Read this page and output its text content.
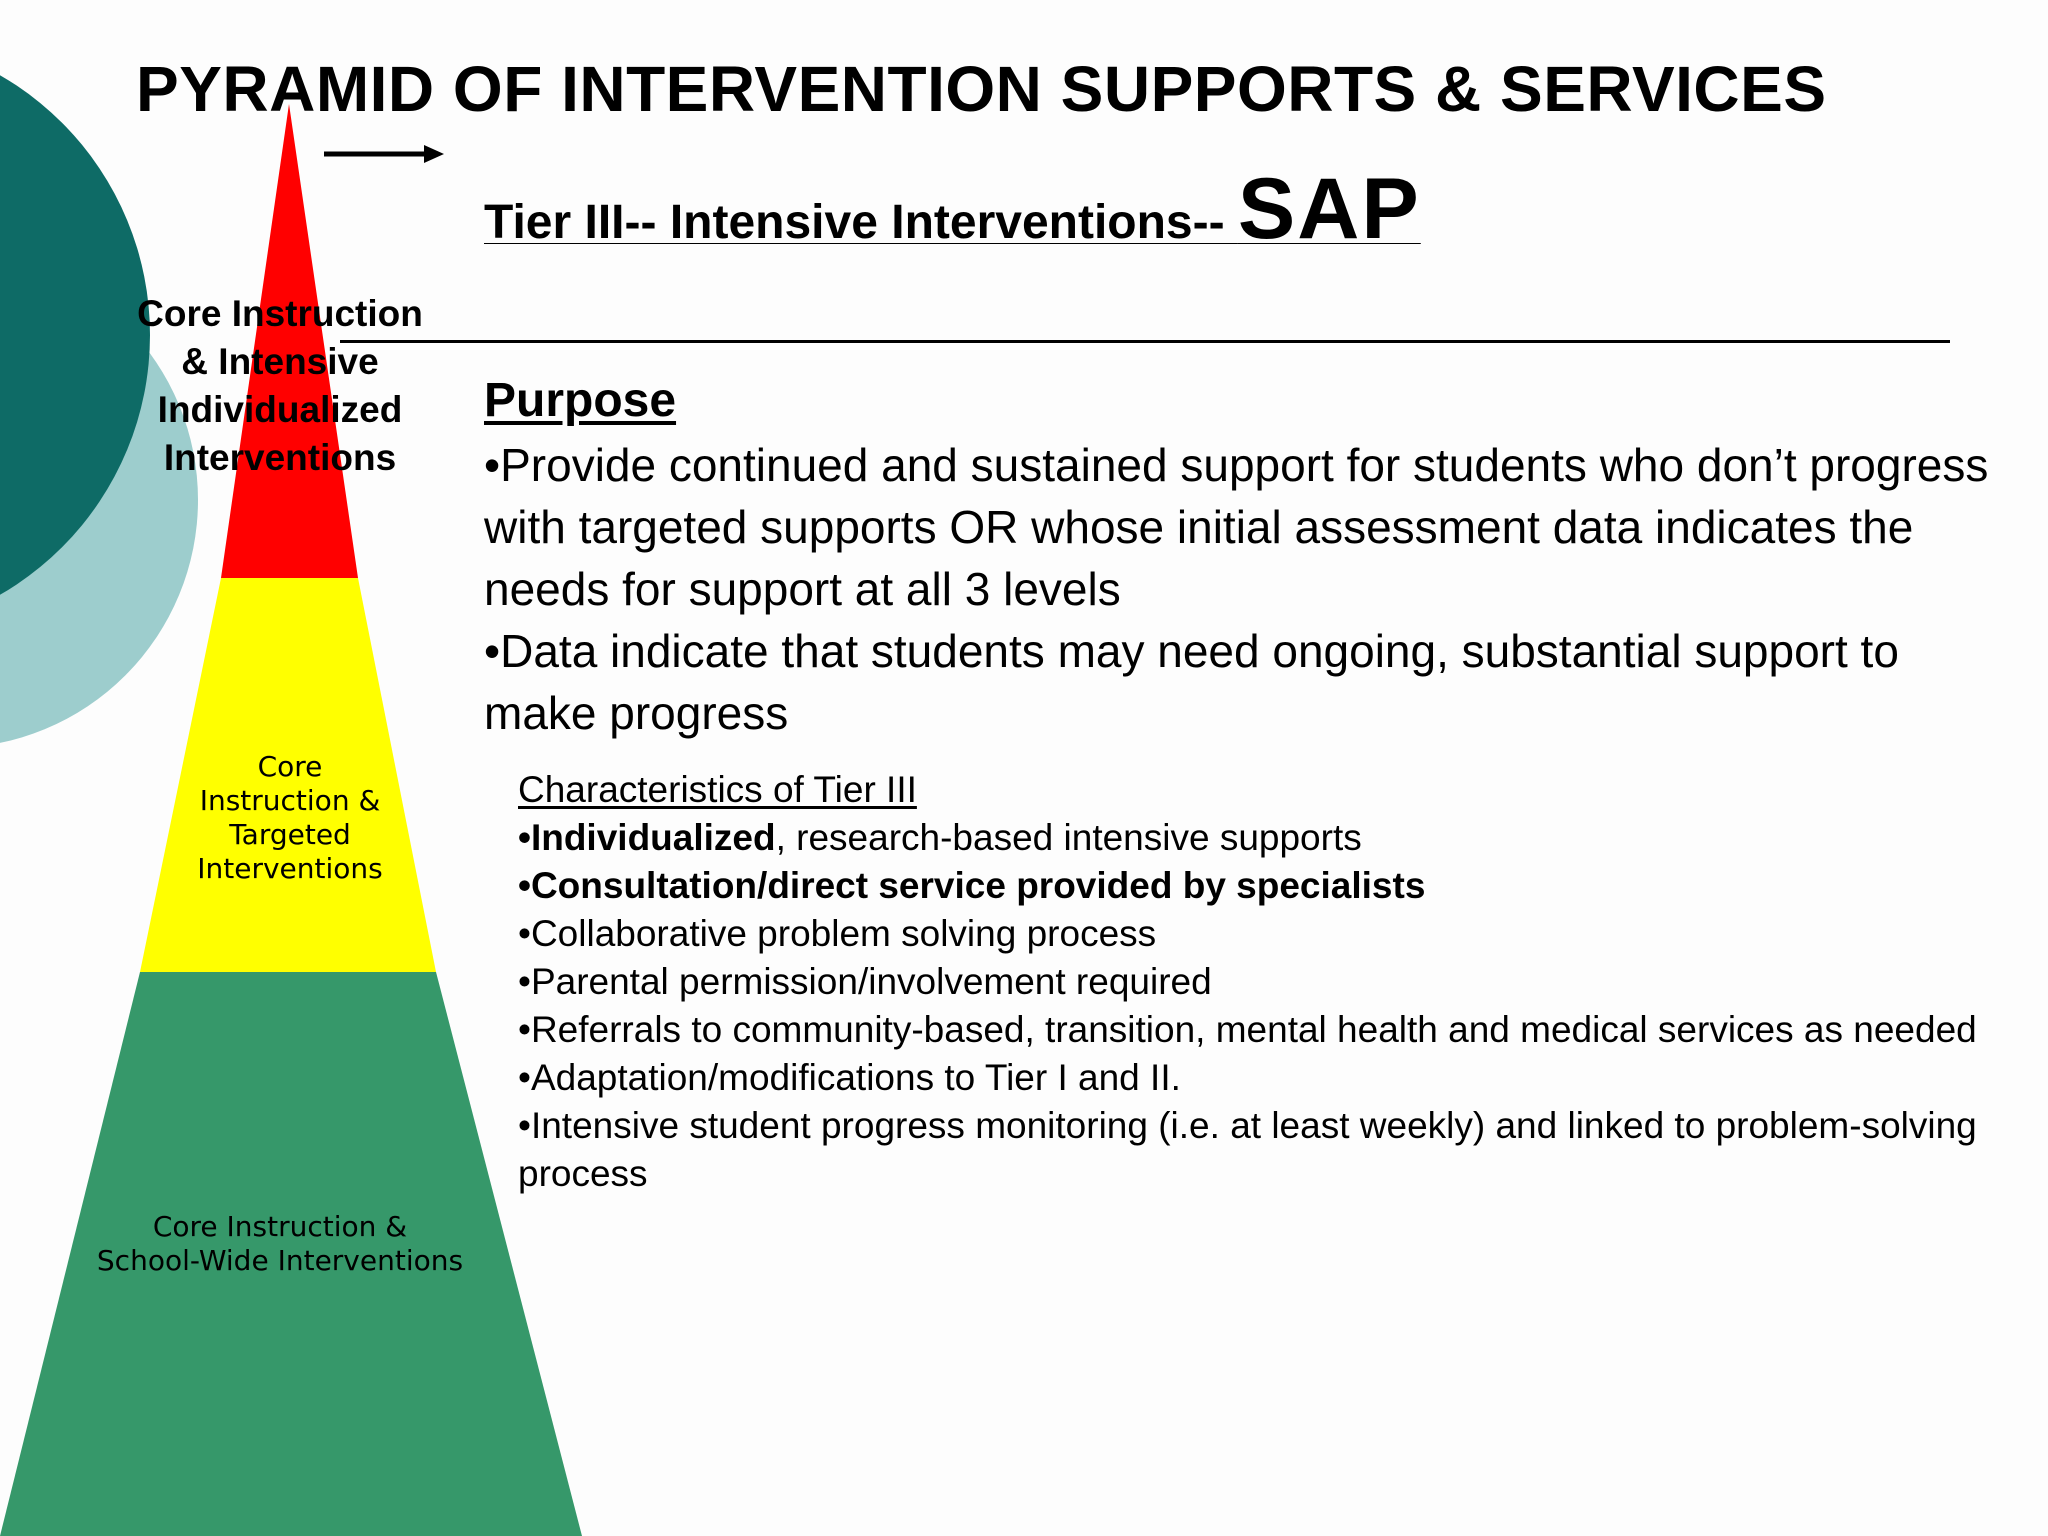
PYRAMID OF INTERVENTION SUPPORTS & SERVICES
Tier III-- Intensive Interventions-- SAP
Core Instruction
& Intensive
Individualized
Interventions
Core
Instruction &
Targeted
Interventions
Core Instruction &
School-Wide Interventions
Purpose
•Provide continued and sustained support for students who don’t progress with targeted supports OR whose initial assessment data indicates the needs for support at all 3 levels
•Data indicate that students may need ongoing, substantial support to make progress
Characteristics of Tier III
•Individualized, research-based intensive supports
•Consultation/direct service provided by specialists
•Collaborative problem solving process
•Parental permission/involvement required
•Referrals to community-based, transition, mental health and medical services as needed
•Adaptation/modifications to Tier I and II.
•Intensive student progress monitoring (i.e. at least weekly) and linked to problem-solving process
